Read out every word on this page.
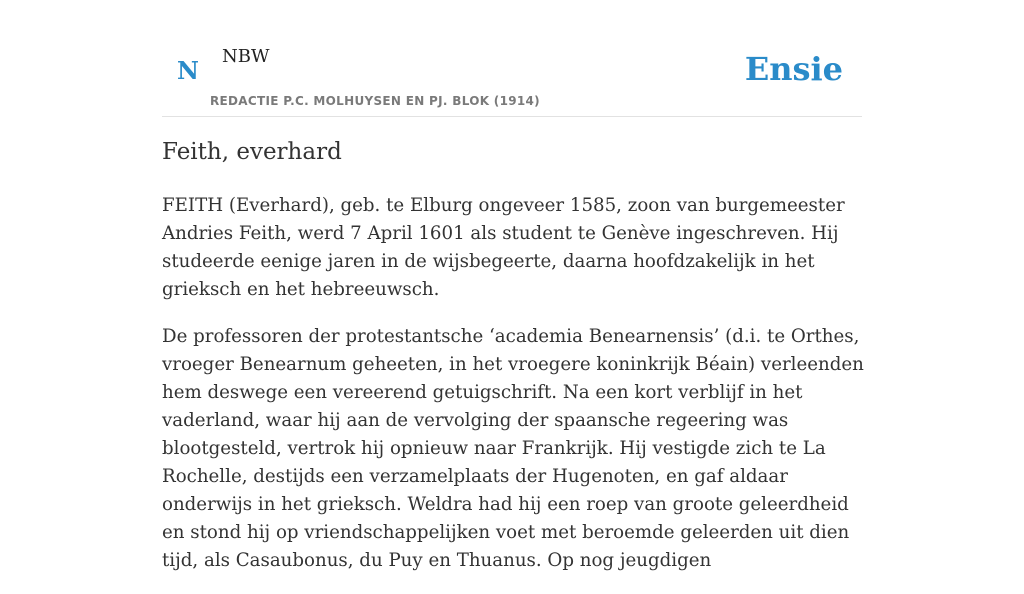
N NBW
REDACTIE P.C. MOLHUYSEN EN PJ. BLOK (1914)
Ensie
Feith, everhard

FEITH (Everhard), geb. te Elburg ongeveer 1585, zoon van burgemeester Andries Feith, werd 7 April 1601 als student te Genève ingeschreven. Hij studeerde eenige jaren in de wijsbegeerte, daarna hoofdzakelijk in het grieksch en het hebreeuwsch.

De professoren der protestantsche ‘academia Benearnensis’ (d.i. te Orthes, vroeger Benearnum geheeten, in het vroegere koninkrijk Béain) verleenden hem deswege een vereerend getuigschrift. Na een kort verblijf in het vaderland, waar hij aan de vervolging der spaansche regeering was blootgesteld, vertrok hij opnieuw naar Frankrijk. Hij vestigde zich te La Rochelle, destijds een verzamelplaats der Hugenoten, en gaf aldaar onderwijs in het grieksch. Weldra had hij een roep van groote geleerdheid en stond hij op vriendschappelijken voet met beroemde geleerden uit dien tijd, als Casaubonus, du Puy en Thuanus. Op nog jeugdigen
